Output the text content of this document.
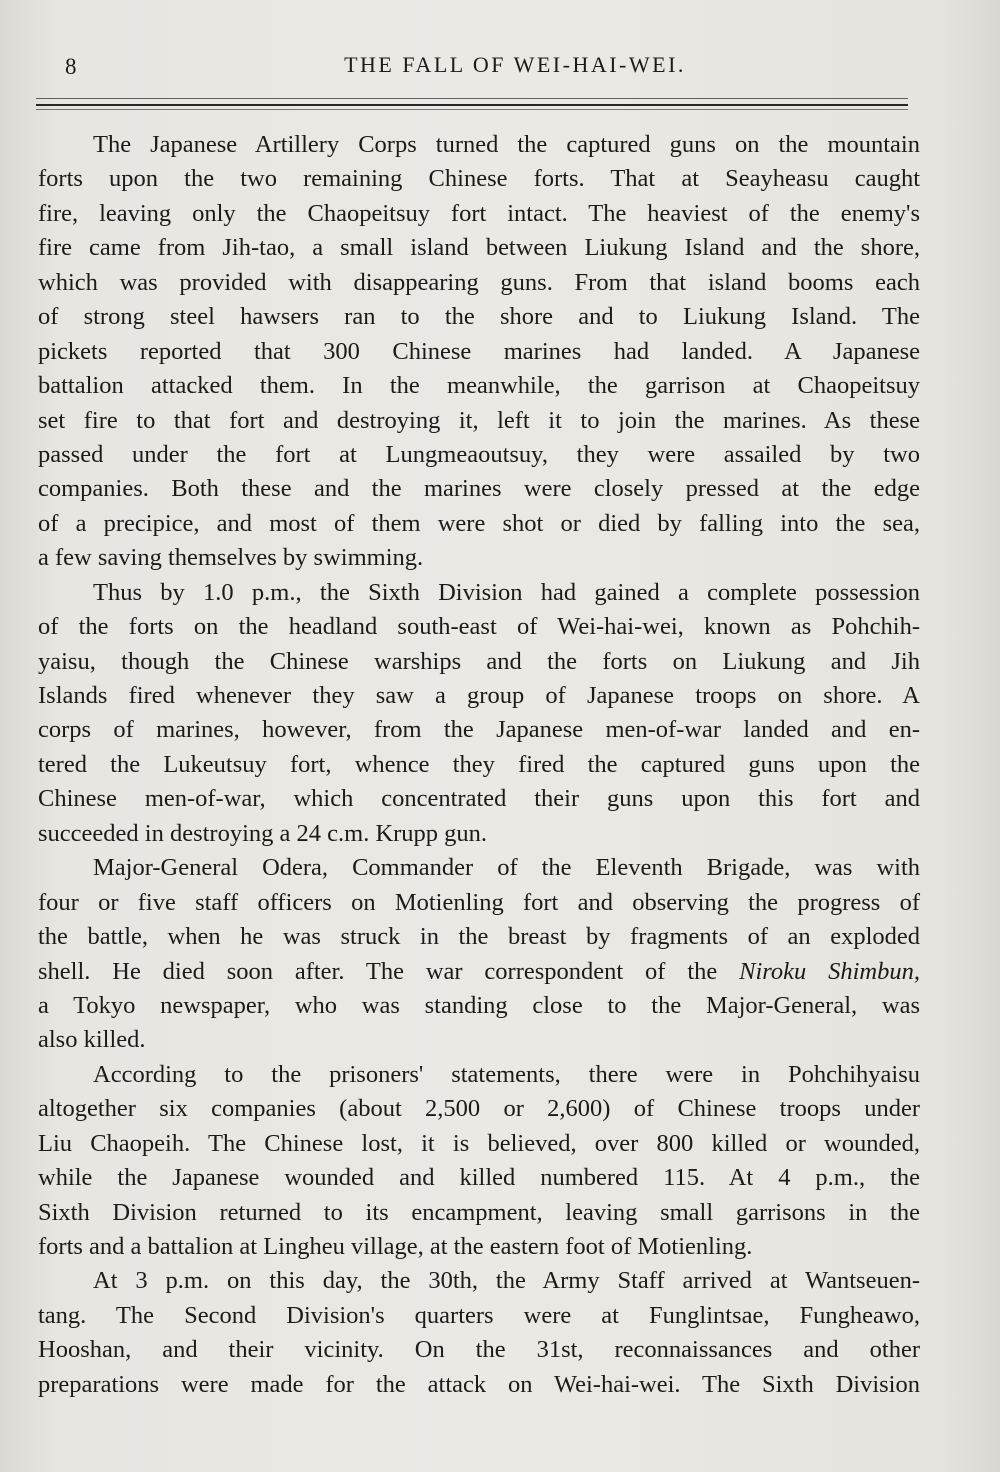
8	THE FALL OF WEI-HAI-WEI.
The Japanese Artillery Corps turned the captured guns on the mountain
forts upon the two remaining Chinese forts. That at Seayheasu caught
fire, leaving only the Chaopeitsuy fort intact. The heaviest of the enemy's
fire came from Jih-tao, a small island between Liukung Island and the shore,
which was provided with disappearing guns. From that island booms each
of strong steel hawsers ran to the shore and to Liukung Island. The
pickets reported that 300 Chinese marines had landed. A Japanese
battalion attacked them. In the meanwhile, the garrison at Chaopeitsuy
set fire to that fort and destroying it, left it to join the marines. As these
passed under the fort at Lungmeaoutsuy, they were assailed by two
companies. Both these and the marines were closely pressed at the edge
of a precipice, and most of them were shot or died by falling into the sea,
a few saving themselves by swimming.
Thus by 1.0 p.m., the Sixth Division had gained a complete possession
of the forts on the headland south-east of Wei-hai-wei, known as Pohchih-
yaisu, though the Chinese warships and the forts on Liukung and Jih
Islands fired whenever they saw a group of Japanese troops on shore. A
corps of marines, however, from the Japanese men-of-war landed and en-
tered the Lukeutsuy fort, whence they fired the captured guns upon the
Chinese men-of-war, which concentrated their guns upon this fort and
succeeded in destroying a 24 c.m. Krupp gun.
Major-General Odera, Commander of the Eleventh Brigade, was with
four or five staff officers on Motienling fort and observing the progress of
the battle, when he was struck in the breast by fragments of an exploded
shell. He died soon after. The war correspondent of the Niroku Shimbun,
a Tokyo newspaper, who was standing close to the Major-General, was
also killed.
According to the prisoners' statements, there were in Pohchihyaisu
altogether six companies (about 2,500 or 2,600) of Chinese troops under
Liu Chaopeih. The Chinese lost, it is believed, over 800 killed or wounded,
while the Japanese wounded and killed numbered 115. At 4 p.m., the
Sixth Division returned to its encampment, leaving small garrisons in the
forts and a battalion at Lingheu village, at the eastern foot of Motienling.
At 3 p.m. on this day, the 30th, the Army Staff arrived at Wantseuen-
tang. The Second Division's quarters were at Funglintsae, Fungheawo,
Hooshan, and their vicinity. On the 31st, reconnaissances and other
preparations were made for the attack on Wei-hai-wei. The Sixth Division
